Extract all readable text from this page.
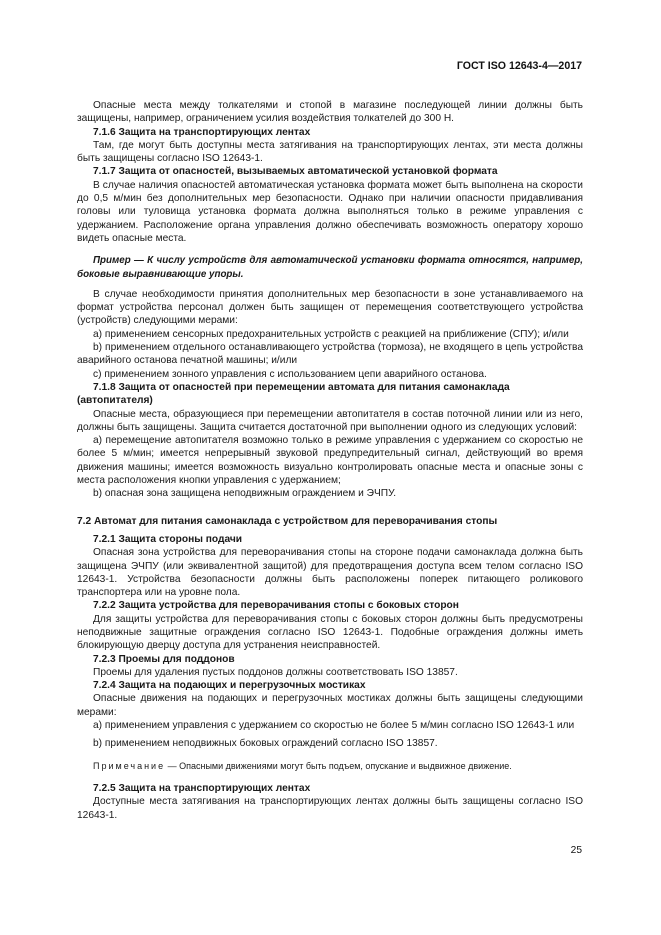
ГОСТ ISO 12643-4—2017

Опасные места между толкателями и стопой в магазине последующей линии должны быть защищены, например, ограничением усилия воздействия толкателей до 300 Н.

7.1.6 Защита на транспортирующих лентах

Там, где могут быть доступны места затягивания на транспортирующих лентах, эти места должны быть защищены согласно ISO 12643-1.

7.1.7 Защита от опасностей, вызываемых автоматической установкой формата

В случае наличия опасностей автоматическая установка формата может быть выполнена на скорости до 0,5 м/мин без дополнительных мер безопасности. Однако при наличии опасности придавливания головы или туловища установка формата должна выполняться только в режиме управления с удержанием. Расположение органа управления должно обеспечивать возможность оператору хорошо видеть опасные места.

Пример — К числу устройств для автоматической установки формата относятся, например, боковые выравнивающие упоры.

В случае необходимости принятия дополнительных мер безопасности в зоне устанавливаемого на формат устройства персонал должен быть защищен от перемещения соответствующего устройства (устройств) следующими мерами:

a) применением сенсорных предохранительных устройств с реакцией на приближение (СПУ); и/или

b) применением отдельного останавливающего устройства (тормоза), не входящего в цепь устройства аварийного останова печатной машины; и/или

c) применением зонного управления с использованием цепи аварийного останова.

7.1.8 Защита от опасностей при перемещении автомата для питания самонаклада (автопитателя)

Опасные места, образующиеся при перемещении автопитателя в состав поточной линии или из него, должны быть защищены. Защита считается достаточной при выполнении одного из следующих условий:

a) перемещение автопитателя возможно только в режиме управления с удержанием со скоростью не более 5 м/мин; имеется непрерывный звуковой предупредительный сигнал, действующий во время движения машины; имеется возможность визуально контролировать опасные места и опасные зоны с места расположения кнопки управления с удержанием;

b) опасная зона защищена неподвижным ограждением и ЭЧПУ.

7.2 Автомат для питания самонаклада с устройством для переворачивания стопы
7.2.1 Защита стороны подачи

Опасная зона устройства для переворачивания стопы на стороне подачи самонаклада должна быть защищена ЭЧПУ (или эквивалентной защитой) для предотвращения доступа всем телом согласно ISO 12643-1. Устройства безопасности должны быть расположены поперек питающего роликового транспортера или на уровне пола.

7.2.2 Защита устройства для переворачивания стопы с боковых сторон

Для защиты устройства для переворачивания стопы с боковых сторон должны быть предусмотрены неподвижные защитные ограждения согласно ISO 12643-1. Подобные ограждения должны иметь блокирующую дверцу доступа для устранения неисправностей.

7.2.3 Проемы для поддонов

Проемы для удаления пустых поддонов должны соответствовать ISO 13857.

7.2.4 Защита на подающих и перегрузочных мостиках

Опасные движения на подающих и перегрузочных мостиках должны быть защищены следующими мерами:

a) применением управления с удержанием со скоростью не более 5 м/мин согласно ISO 12643-1 или

b) применением неподвижных боковых ограждений согласно ISO 13857.

Примечание — Опасными движениями могут быть подъем, опускание и выдвижное движение.

7.2.5 Защита на транспортирующих лентах

Доступные места затягивания на транспортирующих лентах должны быть защищены согласно ISO 12643-1.

25
